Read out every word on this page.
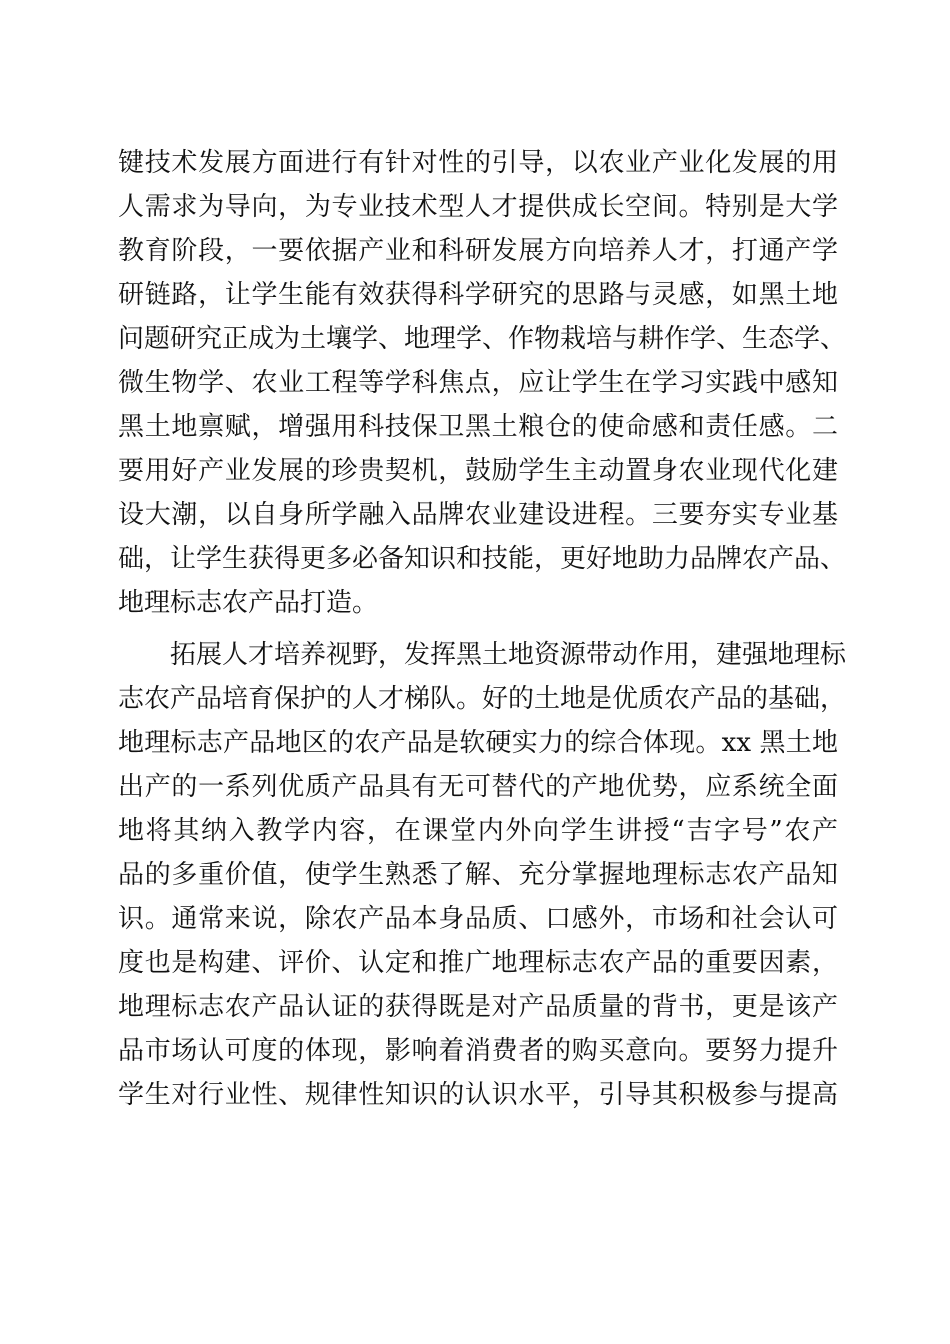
键技术发展方面进行有针对性的引导，以农业产业化发展的用
人需求为导向，为专业技术型人才提供成长空间。特别是大学
教育阶段，一要依据产业和科研发展方向培养人才，打通产学
研链路，让学生能有效获得科学研究的思路与灵感，如黑土地
问题研究正成为土壤学、地理学、作物栽培与耕作学、生态学、
微生物学、农业工程等学科焦点，应让学生在学习实践中感知
黑土地禀赋，增强用科技保卫黑土粮仓的使命感和责任感。二
要用好产业发展的珍贵契机，鼓励学生主动置身农业现代化建
设大潮，以自身所学融入品牌农业建设进程。三要夯实专业基
础，让学生获得更多必备知识和技能，更好地助力品牌农产品、
地理标志农产品打造。
拓展人才培养视野，发挥黑土地资源带动作用，建强地理标
志农产品培育保护的人才梯队。好的土地是优质农产品的基础，
地理标志产品地区的农产品是软硬实力的综合体现。xx 黑土地
出产的一系列优质产品具有无可替代的产地优势，应系统全面
地将其纳入教学内容，在课堂内外向学生讲授“吉字号”农产
品的多重价值，使学生熟悉了解、充分掌握地理标志农产品知
识。通常来说，除农产品本身品质、口感外，市场和社会认可
度也是构建、评价、认定和推广地理标志农产品的重要因素，
地理标志农产品认证的获得既是对产品质量的背书，更是该产
品市场认可度的体现，影响着消费者的购买意向。要努力提升
学生对行业性、规律性知识的认识水平，引导其积极参与提高
